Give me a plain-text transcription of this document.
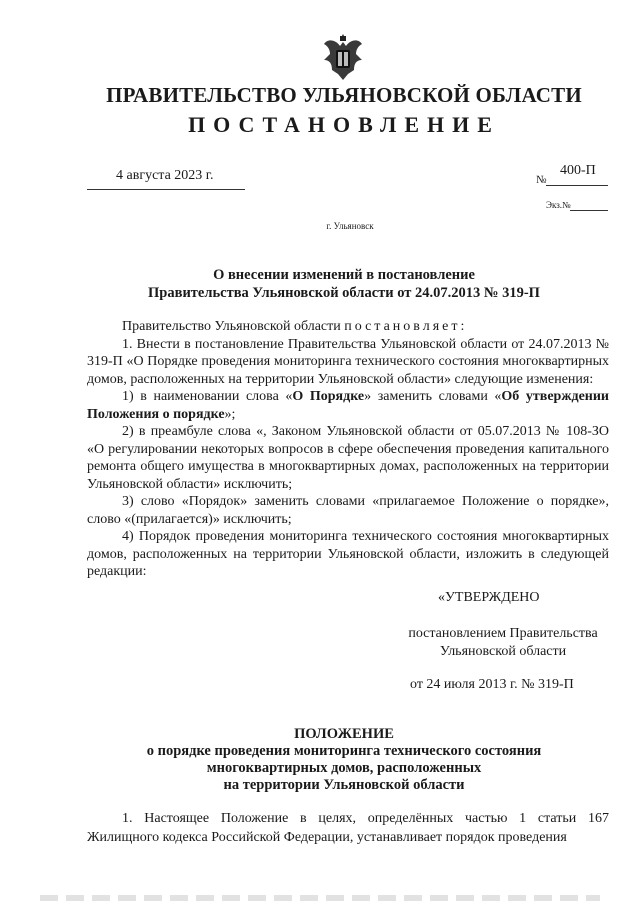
ПРАВИТЕЛЬСТВО УЛЬЯНОВСКОЙ ОБЛАСТИ
ПОСТАНОВЛЕНИЕ
4 августа 2023 г.	№
400-П
Экз.№
г. Ульяновск
О внесении изменений в постановление
Правительства Ульяновской области от 24.07.2013 № 319-П

Правительство Ульяновской области постановляет:

1. Внести в постановление Правительства Ульяновской области от 24.07.2013 № 319-П «О Порядке проведения мониторинга технического состояния многоквартирных домов, расположенных на территории Ульяновской области» следующие изменения:

1) в наименовании слова «О Порядке» заменить словами «Об утверждении Положения о порядке»;

2) в преамбуле слова «, Законом Ульяновской области от 05.07.2013 № 108-ЗО «О регулировании некоторых вопросов в сфере обеспечения проведения капитального ремонта общего имущества в многоквартирных домах, расположенных на территории Ульяновской области» исключить;

3) слово «Порядок» заменить словами «прилагаемое Положение о порядке», слово «(прилагается)» исключить;

4) Порядок проведения мониторинга технического состояния многоквартирных домов, расположенных на территории Ульяновской области, изложить в следующей редакции:

«УТВЕРЖДЕНО
постановлением Правительства
Ульяновской области
от 24 июля 2013 г. № 319-П
ПОЛОЖЕНИЕ
о порядке проведения мониторинга технического состояния
многоквартирных домов, расположенных
на территории Ульяновской области

1. Настоящее Положение в целях, определённых частью 1 статьи 167 Жилищного кодекса Российской Федерации, устанавливает порядок проведения
